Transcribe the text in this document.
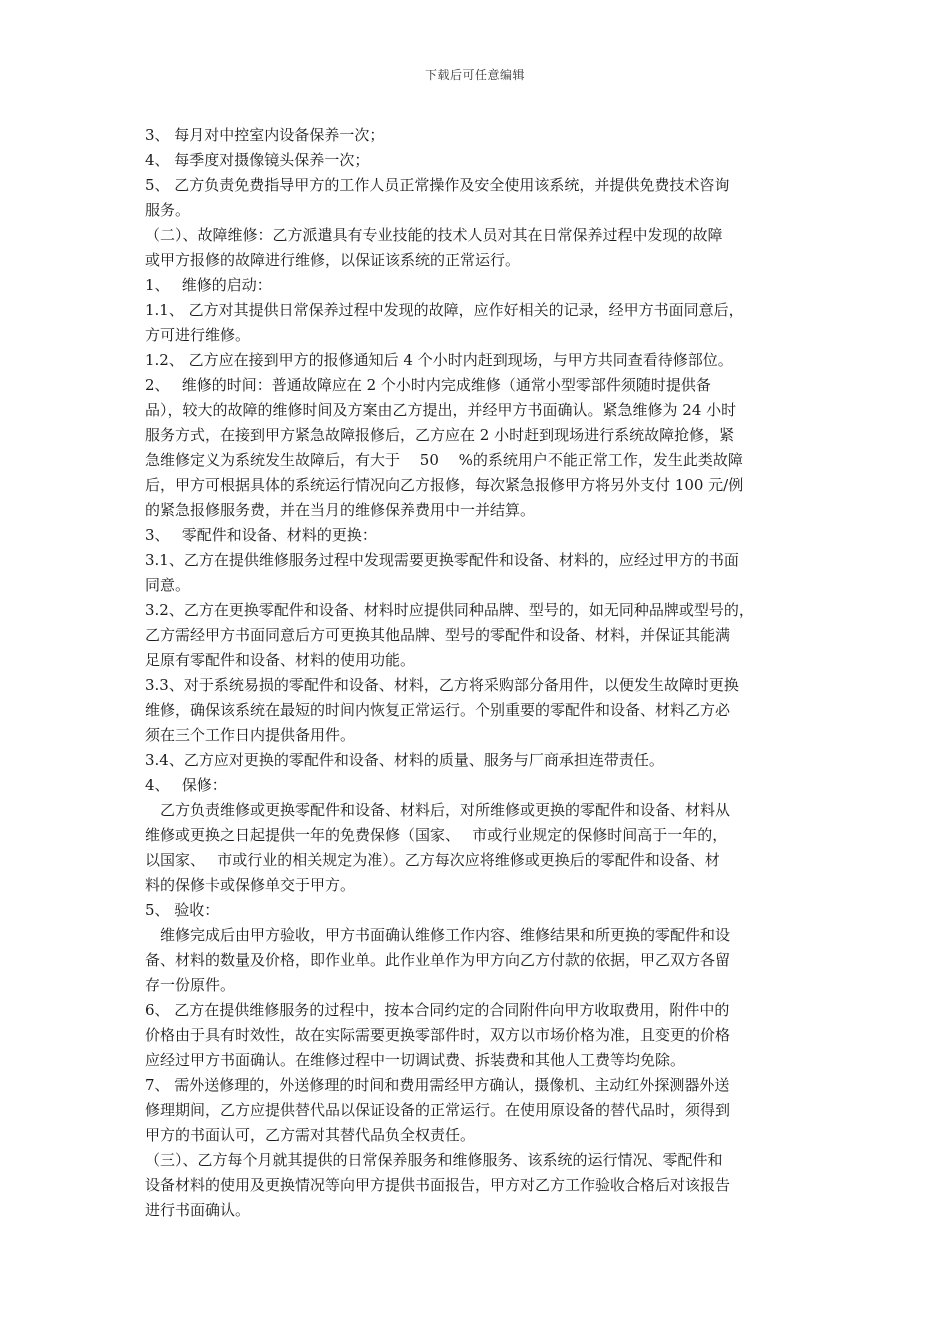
下载后可任意编辑
3、 每月对中控室内设备保养一次；
4、 每季度对摄像镜头保养一次；
5、 乙方负责免费指导甲方的工作人员正常操作及安全使用该系统，并提供免费技术咨询
服务。
（二）、故障维修：乙方派遣具有专业技能的技术人员对其在日常保养过程中发现的故障
或甲方报修的故障进行维修，以保证该系统的正常运行。
1、　 维修的启动：
1.1、 乙方对其提供日常保养过程中发现的故障，应作好相关的记录，经甲方书面同意后，
方可进行维修。
1.2、 乙方应在接到甲方的报修通知后 4 个小时内赶到现场，与甲方共同查看待修部位。
2、　 维修的时间：普通故障应在 2 个小时内完成维修（通常小型零部件须随时提供备
品），较大的故障的维修时间及方案由乙方提出，并经甲方书面确认。紧急维修为 24 小时
服务方式，在接到甲方紧急故障报修后，乙方应在 2 小时赶到现场进行系统故障抢修，紧
急维修定义为系统发生故障后，有大于　 50　 %的系统用户不能正常工作，发生此类故障
后，甲方可根据具体的系统运行情况向乙方报修，每次紧急报修甲方将另外支付 100 元/例
的紧急报修服务费，并在当月的维修保养费用中一并结算。
3、　 零配件和设备、材料的更换：
3.1、乙方在提供维修服务过程中发现需要更换零配件和设备、材料的，应经过甲方的书面
同意。
3.2、乙方在更换零配件和设备、材料时应提供同种品牌、型号的，如无同种品牌或型号的，
乙方需经甲方书面同意后方可更换其他品牌、型号的零配件和设备、材料，并保证其能满
足原有零配件和设备、材料的使用功能。
3.3、对于系统易损的零配件和设备、材料，乙方将采购部分备用件，以便发生故障时更换
维修，确保该系统在最短的时间内恢复正常运行。个别重要的零配件和设备、材料乙方必
须在三个工作日内提供备用件。
3.4、乙方应对更换的零配件和设备、材料的质量、服务与厂商承担连带责任。
4、　 保修：
　乙方负责维修或更换零配件和设备、材料后，对所维修或更换的零配件和设备、材料从
维修或更换之日起提供一年的免费保修（国家、　 市或行业规定的保修时间高于一年的，
以国家、　 市或行业的相关规定为准）。乙方每次应将维修或更换后的零配件和设备、材
料的保修卡或保修单交于甲方。
5、 验收：
　维修完成后由甲方验收，甲方书面确认维修工作内容、维修结果和所更换的零配件和设
备、材料的数量及价格，即作业单。此作业单作为甲方向乙方付款的依据，甲乙双方各留
存一份原件。
6、 乙方在提供维修服务的过程中，按本合同约定的合同附件向甲方收取费用，附件中的
价格由于具有时效性，故在实际需要更换零部件时，双方以市场价格为准，且变更的价格
应经过甲方书面确认。在维修过程中一切调试费、拆装费和其他人工费等均免除。
7、 需外送修理的，外送修理的时间和费用需经甲方确认，摄像机、主动红外探测器外送
修理期间，乙方应提供替代品以保证设备的正常运行。在使用原设备的替代品时，须得到
甲方的书面认可，乙方需对其替代品负全权责任。
（三）、乙方每个月就其提供的日常保养服务和维修服务、该系统的运行情况、零配件和
设备材料的使用及更换情况等向甲方提供书面报告，甲方对乙方工作验收合格后对该报告
进行书面确认。
